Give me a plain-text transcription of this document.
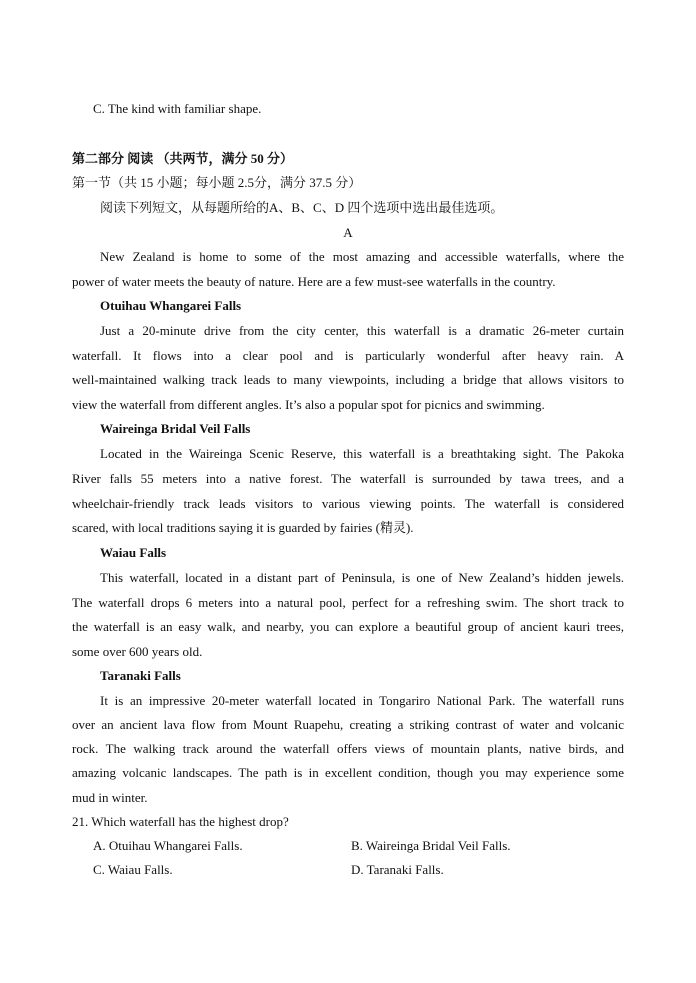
C. The kind with familiar shape.
第二部分 阅读 （共两节，满分 50 分）
第一节（共 15 小题；每小题 2.5分，满分 37.5 分）
阅读下列短文，从每题所给的A、B、C、D 四个选项中选出最佳选项。
A
New Zealand is home to some of the most amazing and accessible waterfalls, where the
power of water meets the beauty of nature. Here are a few must-see waterfalls in the country.
Otuihau Whangarei Falls
Just a 20-minute drive from the city center, this waterfall is a dramatic 26-meter curtain
waterfall. It flows into a clear pool and is particularly wonderful after heavy rain. A
well-maintained walking track leads to many viewpoints, including a bridge that allows visitors to
view the waterfall from different angles. It’s also a popular spot for picnics and swimming.
Waireinga Bridal Veil Falls
Located in the Waireinga Scenic Reserve, this waterfall is a breathtaking sight. The Pakoka
River falls 55 meters into a native forest. The waterfall is surrounded by tawa trees, and a
wheelchair-friendly track leads visitors to various viewing points. The waterfall is considered
scared, with local traditions saying it is guarded by fairies (精灵).
Waiau Falls
This waterfall, located in a distant part of Peninsula, is one of New Zealand’s hidden jewels.
The waterfall drops 6 meters into a natural pool, perfect for a refreshing swim. The short track to
the waterfall is an easy walk, and nearby, you can explore a beautiful group of ancient kauri trees,
some over 600 years old.
Taranaki Falls
It is an impressive 20-meter waterfall located in Tongariro National Park. The waterfall runs
over an ancient lava flow from Mount Ruapehu, creating a striking contrast of water and volcanic
rock. The walking track around the waterfall offers views of mountain plants, native birds, and
amazing volcanic landscapes. The path is in excellent condition, though you may experience some
mud in winter.
21. Which waterfall has the highest drop?
A. Otuihau Whangarei Falls.	B. Waireinga Bridal Veil Falls.
C. Waiau Falls.	D. Taranaki Falls.
